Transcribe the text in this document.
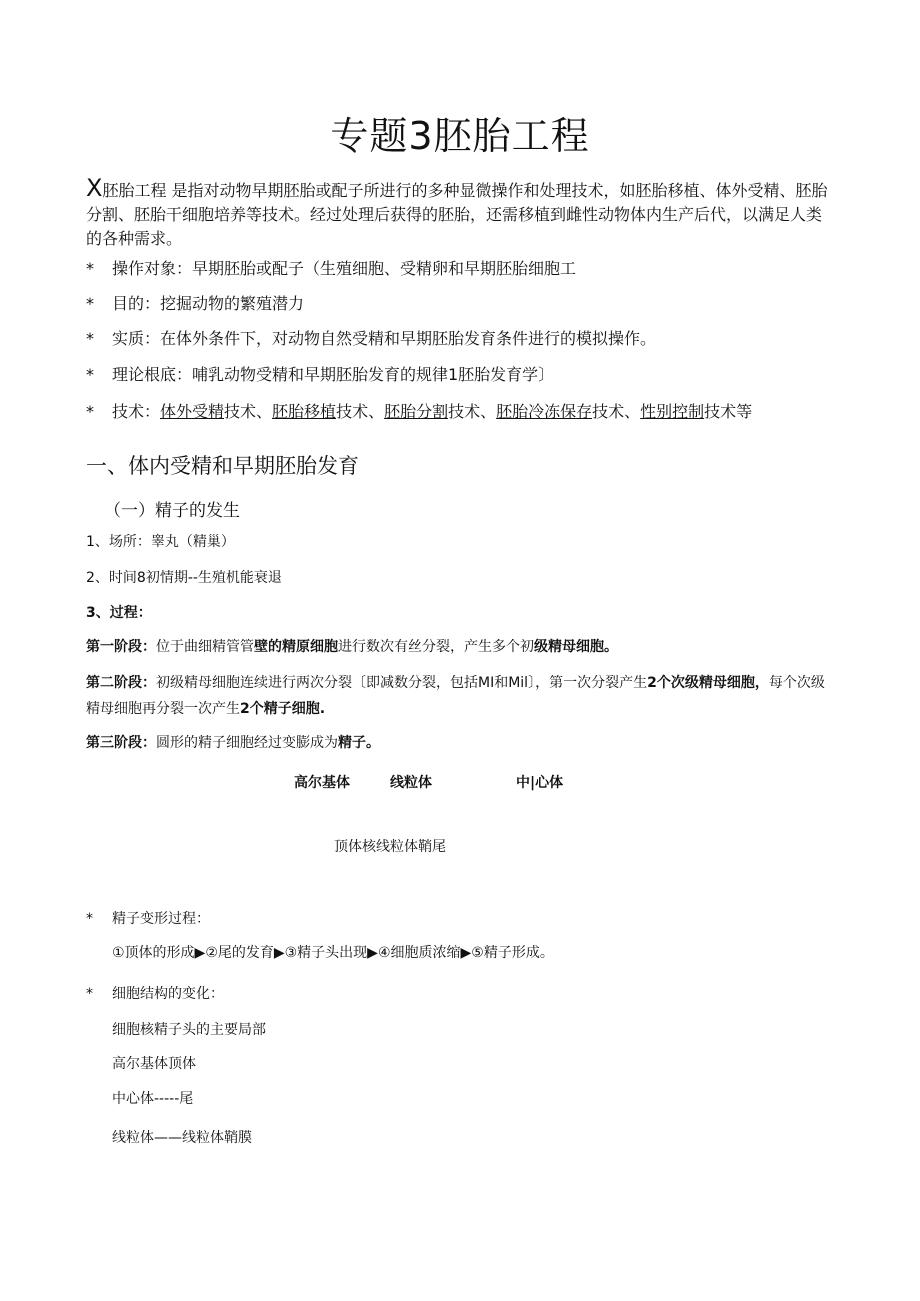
专题3胚胎工程

X胚胎工程 是指对动物早期胚胎或配子所进行的多种显微操作和处理技术，如胚胎移植、体外受精、胚胎分割、胚胎干细胞培养等技术。经过处理后获得的胚胎，还需移植到雌性动物体内生产后代，以满足人类的各种需求。

* 操作对象：早期胚胎或配子（生殖细胞、受精卵和早期胚胎细胞工
* 目的：挖掘动物的繁殖潜力
* 实质：在体外条件下，对动物自然受精和早期胚胎发育条件进行的模拟操作。
* 理论根底：哺乳动物受精和早期胚胎发育的规律1胚胎发育学〕
* 技术：体外受精技术、胚胎移植技术、胚胎分割技术、胚胎冷冻保存技术、性别控制技术等
一、体内受精和早期胚胎发育
（一）精子的发生
1、场所：睾丸（精巢）
2、时间8初情期--生殖机能衰退
3、过程：
第一阶段：位于曲细精管管壁的精原细胞进行数次有丝分裂，产生多个初级精母细胞。
第二阶段：初级精母细胞连续进行两次分裂〔即减数分裂，包括MI和Mil〕，第一次分裂产生2个次级精母细胞，每个次级精母细胞再分裂一次产生2个精子细胞.
第三阶段：圆形的精子细胞经过变膨成为精子。
高尔基体	线粒体	中|心体
顶体核线粒体鞘尾
* 精子变形过程：
①顶体的形成▶②尾的发育▶③精子头出现▶④细胞质浓缩▶⑤精子形成。
* 细胞结构的变化：
细胞核精子头的主要局部
高尔基体顶体
中心体-----尾
线粒体——线粒体鞘膜
